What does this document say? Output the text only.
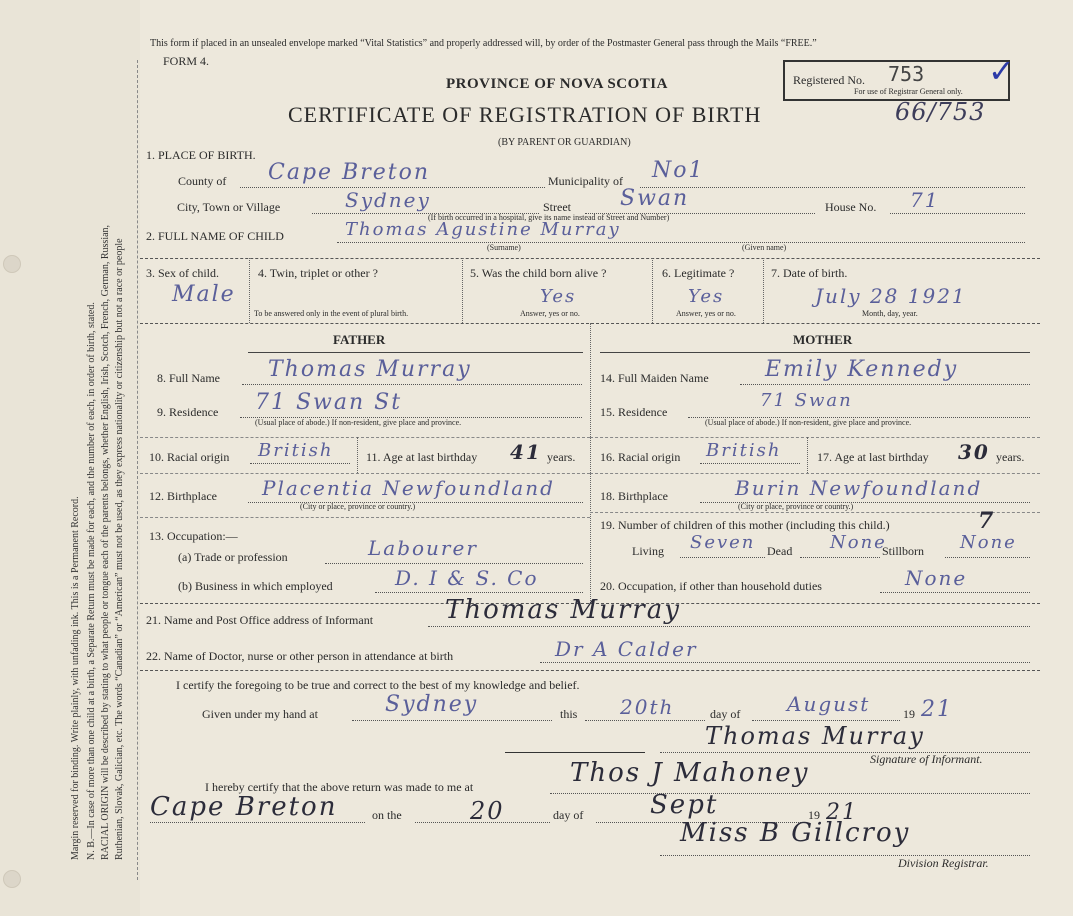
Margin reserved for binding. Write plainly, with unfading ink. This is a Permanent Record. N. B.—In case of more than one child at a birth, a Separate Return must be made for each, and the number of each, in order of birth, stated. RACIAL ORIGIN will be described by stating to what people or tongue each of the parents belongs, whether English, Irish, Scotch, French, German, Russian, Ruthenian, Slovak, Galician, etc. The words “Canadian” or “American” must not be used, as they express nationality or citizenship but not a race or people
This form if placed in an unsealed envelope marked “Vital Statistics” and properly addressed will, by order of the Postmaster General pass through the Mails “FREE.”
FORM 4.
PROVINCE OF NOVA SCOTIA
CERTIFICATE OF REGISTRATION OF BIRTH
(BY PARENT OR GUARDIAN)
66/753
Registered No. 753 ✓
For use of Registrar General only.
1. PLACE OF BIRTH.
County of Cape Breton	Municipality of No1
City, Town or Village	Sydney	Street Swan
(If birth occurred in a hospital, give its name instead of Street and Number)
House No. 71
2. FULL NAME OF CHILD	Thomas Agustine Murray
(Surname)	(Given name)
3. Sex of child.
Male
4. Twin, triplet or other ?
To be answered only in the event of plural birth.
5. Was the child born alive ?
Yes
Answer, yes or no.
6. Legitimate ?
Yes
Answer, yes or no.
7. Date of birth.
July 28 1921
Month, day, year.
FATHER	MOTHER
8. Full Name Thomas Murray
9. Residence 71 Swan St
(Usual place of abode.) If non-resident, give place and province.
10. Racial origin British	11. Age at last birthday 41 years.
12. Birthplace Placentia Newfoundland
(City or place, province or country.)
13. Occupation:—
(a) Trade or profession	Labourer
(b) Business in which employed	D. I & S. Co
14. Full Maiden Name	Emily Kennedy
15. Residence
71 Swan
(Usual place of abode.) If non-resident, give place and province.
16. Racial origin British	17. Age at last birthday 30 years.
18. Birthplace	Burin Newfoundland
(City or place, province or country.)
19. Number of children of this mother (including this child.)	7
Living Seven Dead None
Stillborn None
20. Occupation, if other than household duties	None
21. Name and Post Office address of Informant	Thomas Murray
22. Name of Doctor, nurse or other person in attendance at birth	Dr A Calder
I certify the foregoing to be true and correct to the best of my knowledge and belief.
Given under my hand at	Sydney	this 20th	day of August	19 21
Thomas Murray
Signature of Informant.
I hereby certify that the above return was made to me at	Thos J Mahoney
Cape Breton	on the	20	day of	Sept	19 21
Miss B Gillcroy
Division Registrar.
